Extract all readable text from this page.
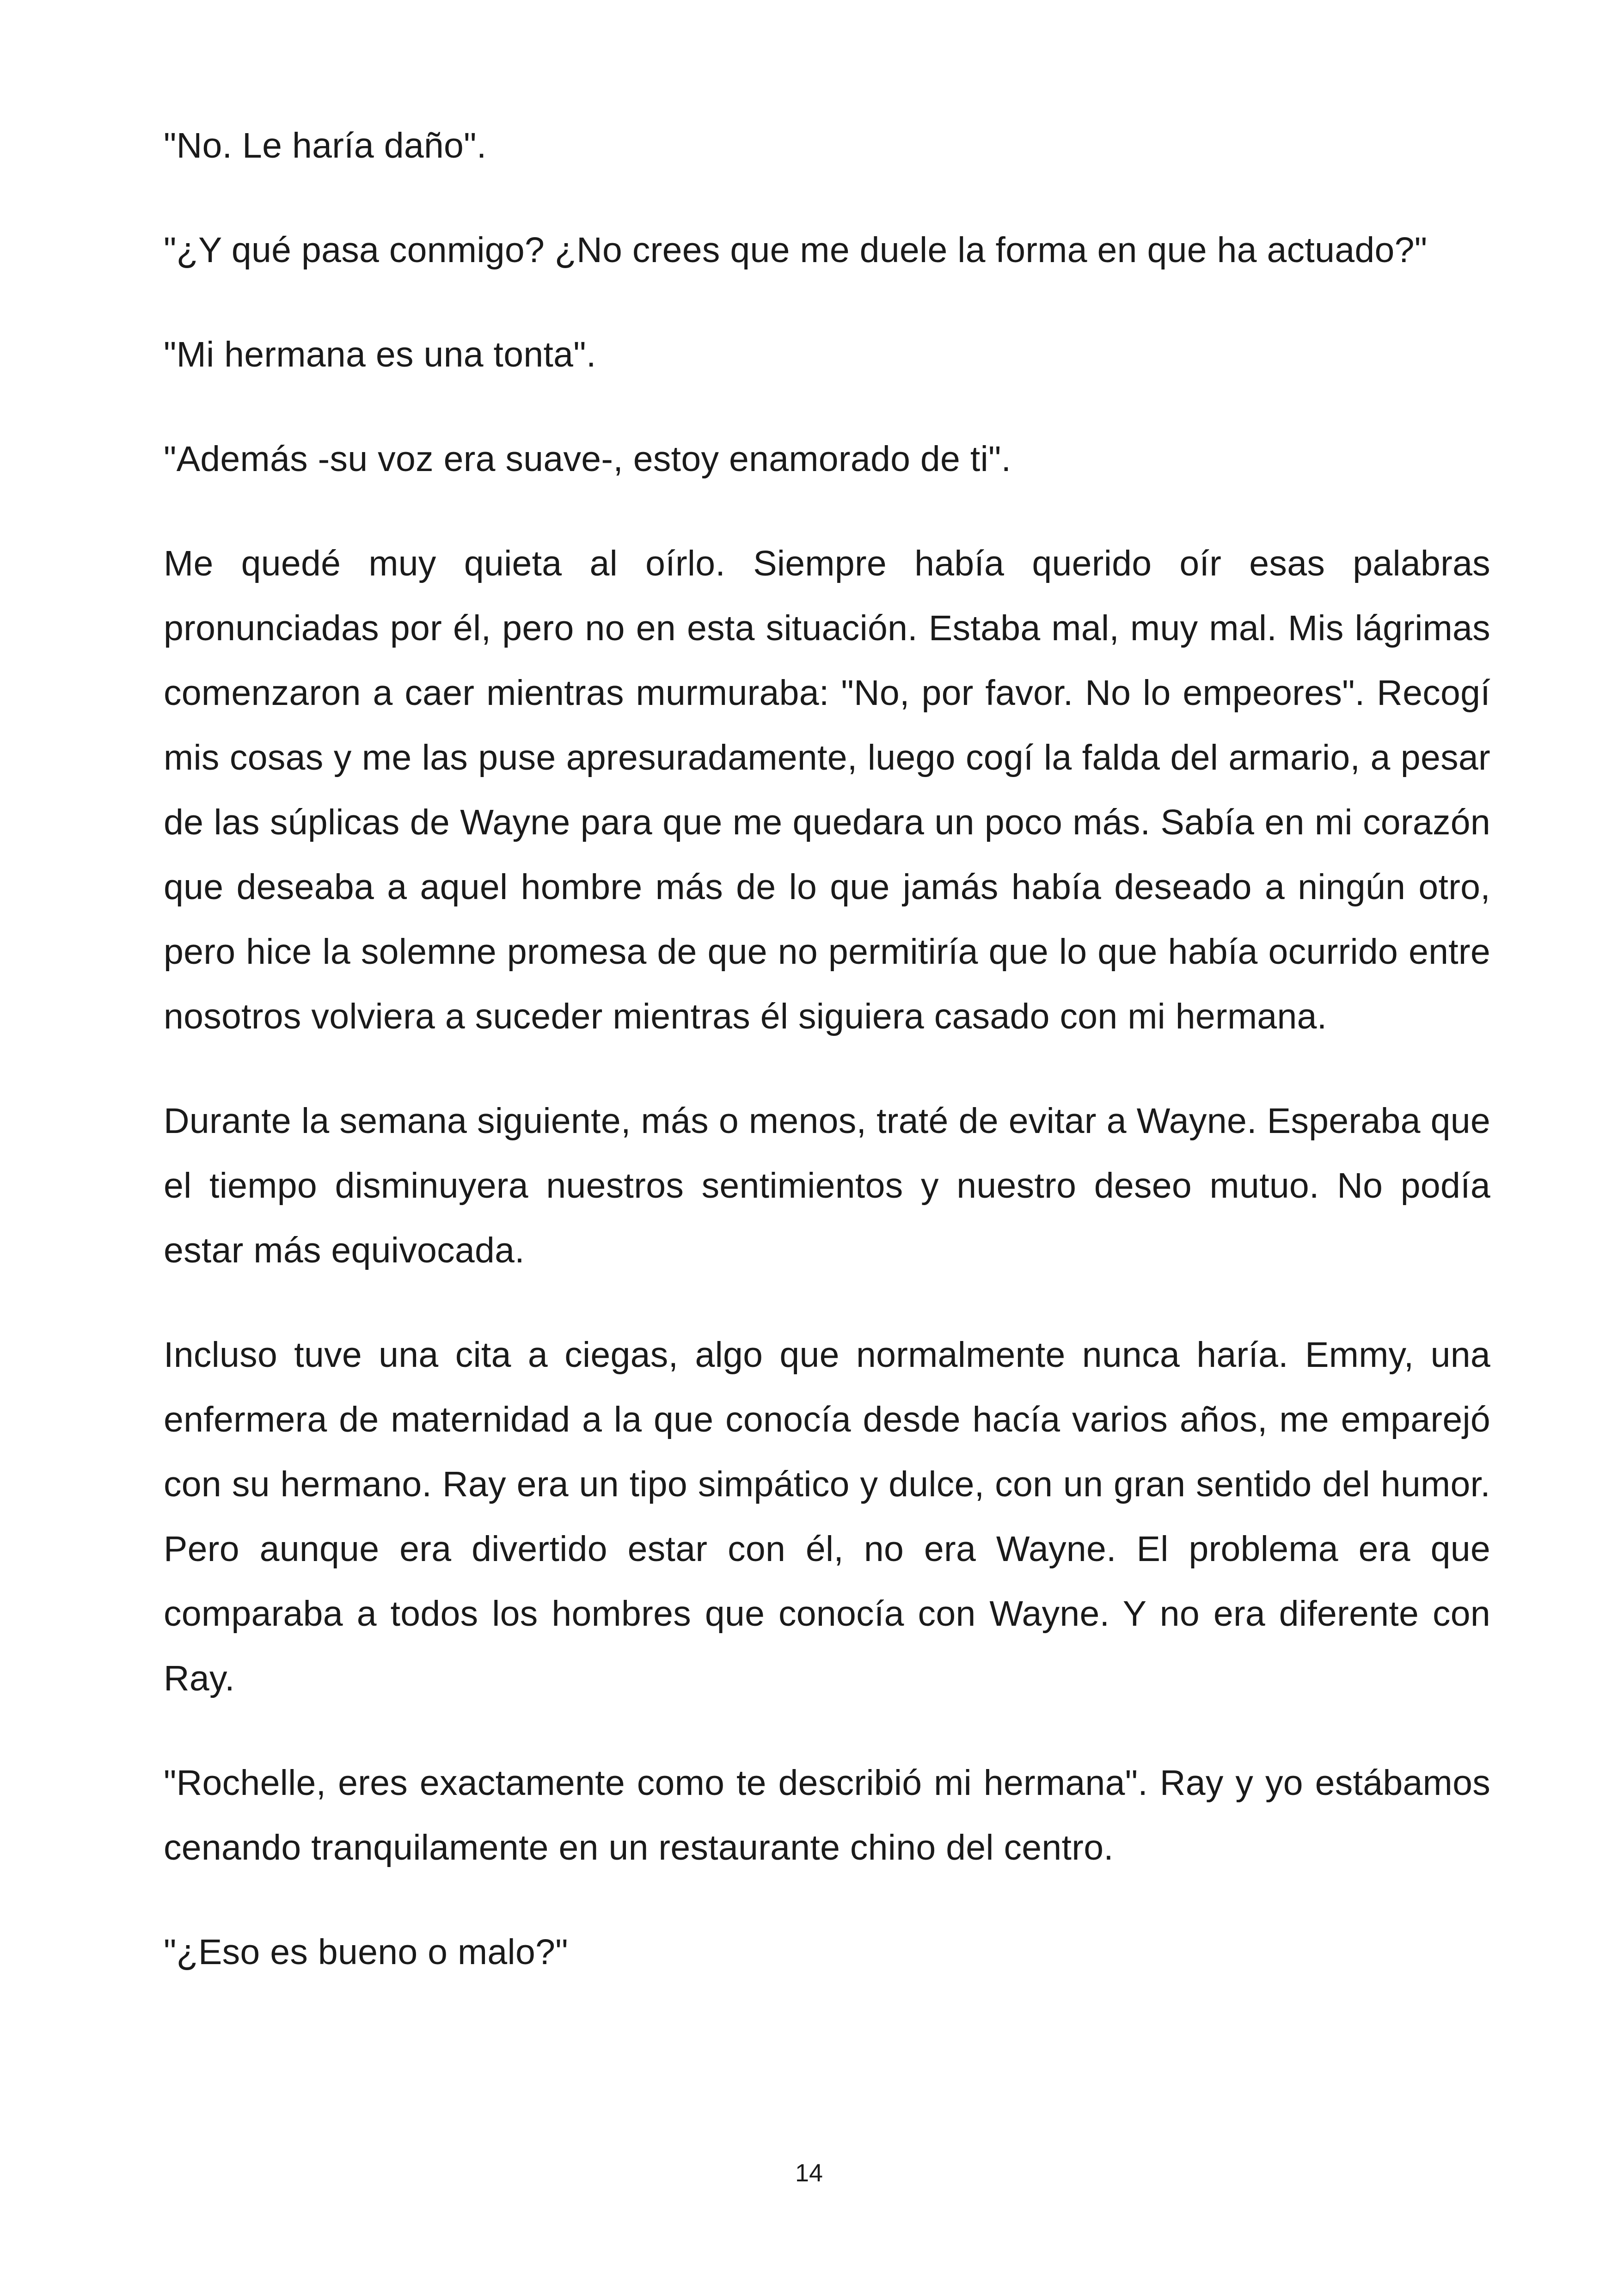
"No. Le haría daño".

"¿Y qué pasa conmigo? ¿No crees que me duele la forma en que ha actuado?"

"Mi hermana es una tonta".

"Además -su voz era suave-, estoy enamorado de ti".

Me quedé muy quieta al oírlo. Siempre había querido oír esas palabras pronunciadas por él, pero no en esta situación. Estaba mal, muy mal. Mis lágrimas comenzaron a caer mientras murmuraba: "No, por favor. No lo empeores". Recogí mis cosas y me las puse apresuradamente, luego cogí la falda del armario, a pesar de las súplicas de Wayne para que me quedara un poco más. Sabía en mi corazón que deseaba a aquel hombre más de lo que jamás había deseado a ningún otro, pero hice la solemne promesa de que no permitiría que lo que había ocurrido entre nosotros volviera a suceder mientras él siguiera casado con mi hermana.

Durante la semana siguiente, más o menos, traté de evitar a Wayne. Esperaba que el tiempo disminuyera nuestros sentimientos y nuestro deseo mutuo. No podía estar más equivocada.

Incluso tuve una cita a ciegas, algo que normalmente nunca haría. Emmy, una enfermera de maternidad a la que conocía desde hacía varios años, me emparejó con su hermano. Ray era un tipo simpático y dulce, con un gran sentido del humor. Pero aunque era divertido estar con él, no era Wayne. El problema era que comparaba a todos los hombres que conocía con Wayne. Y no era diferente con Ray.

"Rochelle, eres exactamente como te describió mi hermana". Ray y yo estábamos cenando tranquilamente en un restaurante chino del centro.

"¿Eso es bueno o malo?"

14
